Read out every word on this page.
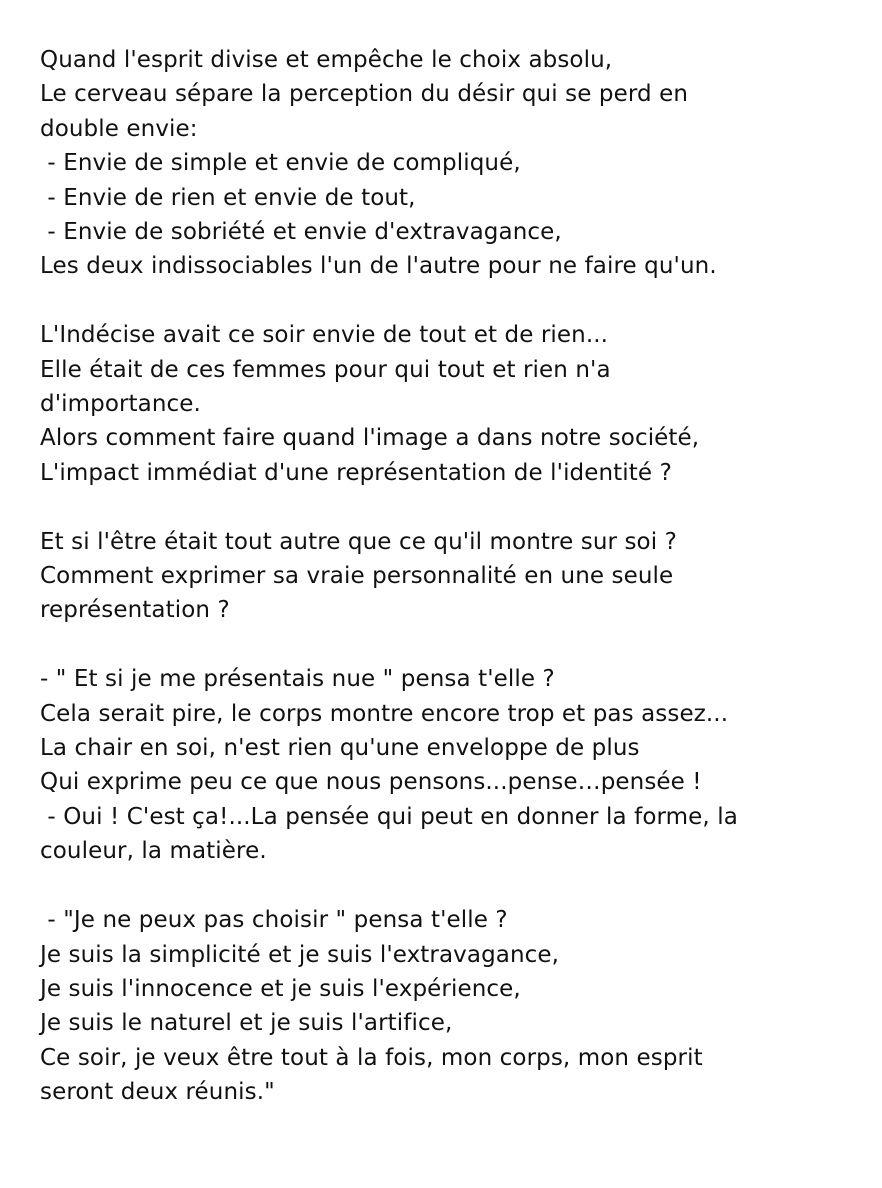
Quand l'esprit divise et empêche le choix absolu,
Le cerveau sépare la perception du désir qui se perd en
double envie:
- Envie de simple et envie de compliqué,
- Envie de rien et envie de tout,
- Envie de sobriété et envie d'extravagance,
Les deux indissociables l'un de l'autre pour ne faire qu'un.
L'Indécise avait ce soir envie de tout et de rien...
Elle était de ces femmes pour qui tout et rien n'a
d'importance.
Alors comment faire quand l'image a dans notre société,
L'impact immédiat d'une représentation de l'identité ?
Et si l'être était tout autre que ce qu'il montre sur soi ?
Comment exprimer sa vraie personnalité en une seule
représentation ?
- " Et si je me présentais nue " pensa t'elle ?
Cela serait pire, le corps montre encore trop et pas assez...
La chair en soi, n'est rien qu'une enveloppe de plus
Qui exprime peu ce que nous pensons...pense…pensée !
- Oui ! C'est ça!...La pensée qui peut en donner la forme, la
couleur, la matière.
- "Je ne peux pas choisir " pensa t'elle ?
Je suis la simplicité et je suis l'extravagance,
Je suis l'innocence et je suis l'expérience,
Je suis le naturel et je suis l'artifice,
Ce soir, je veux être tout à la fois, mon corps, mon esprit
seront deux réunis."
